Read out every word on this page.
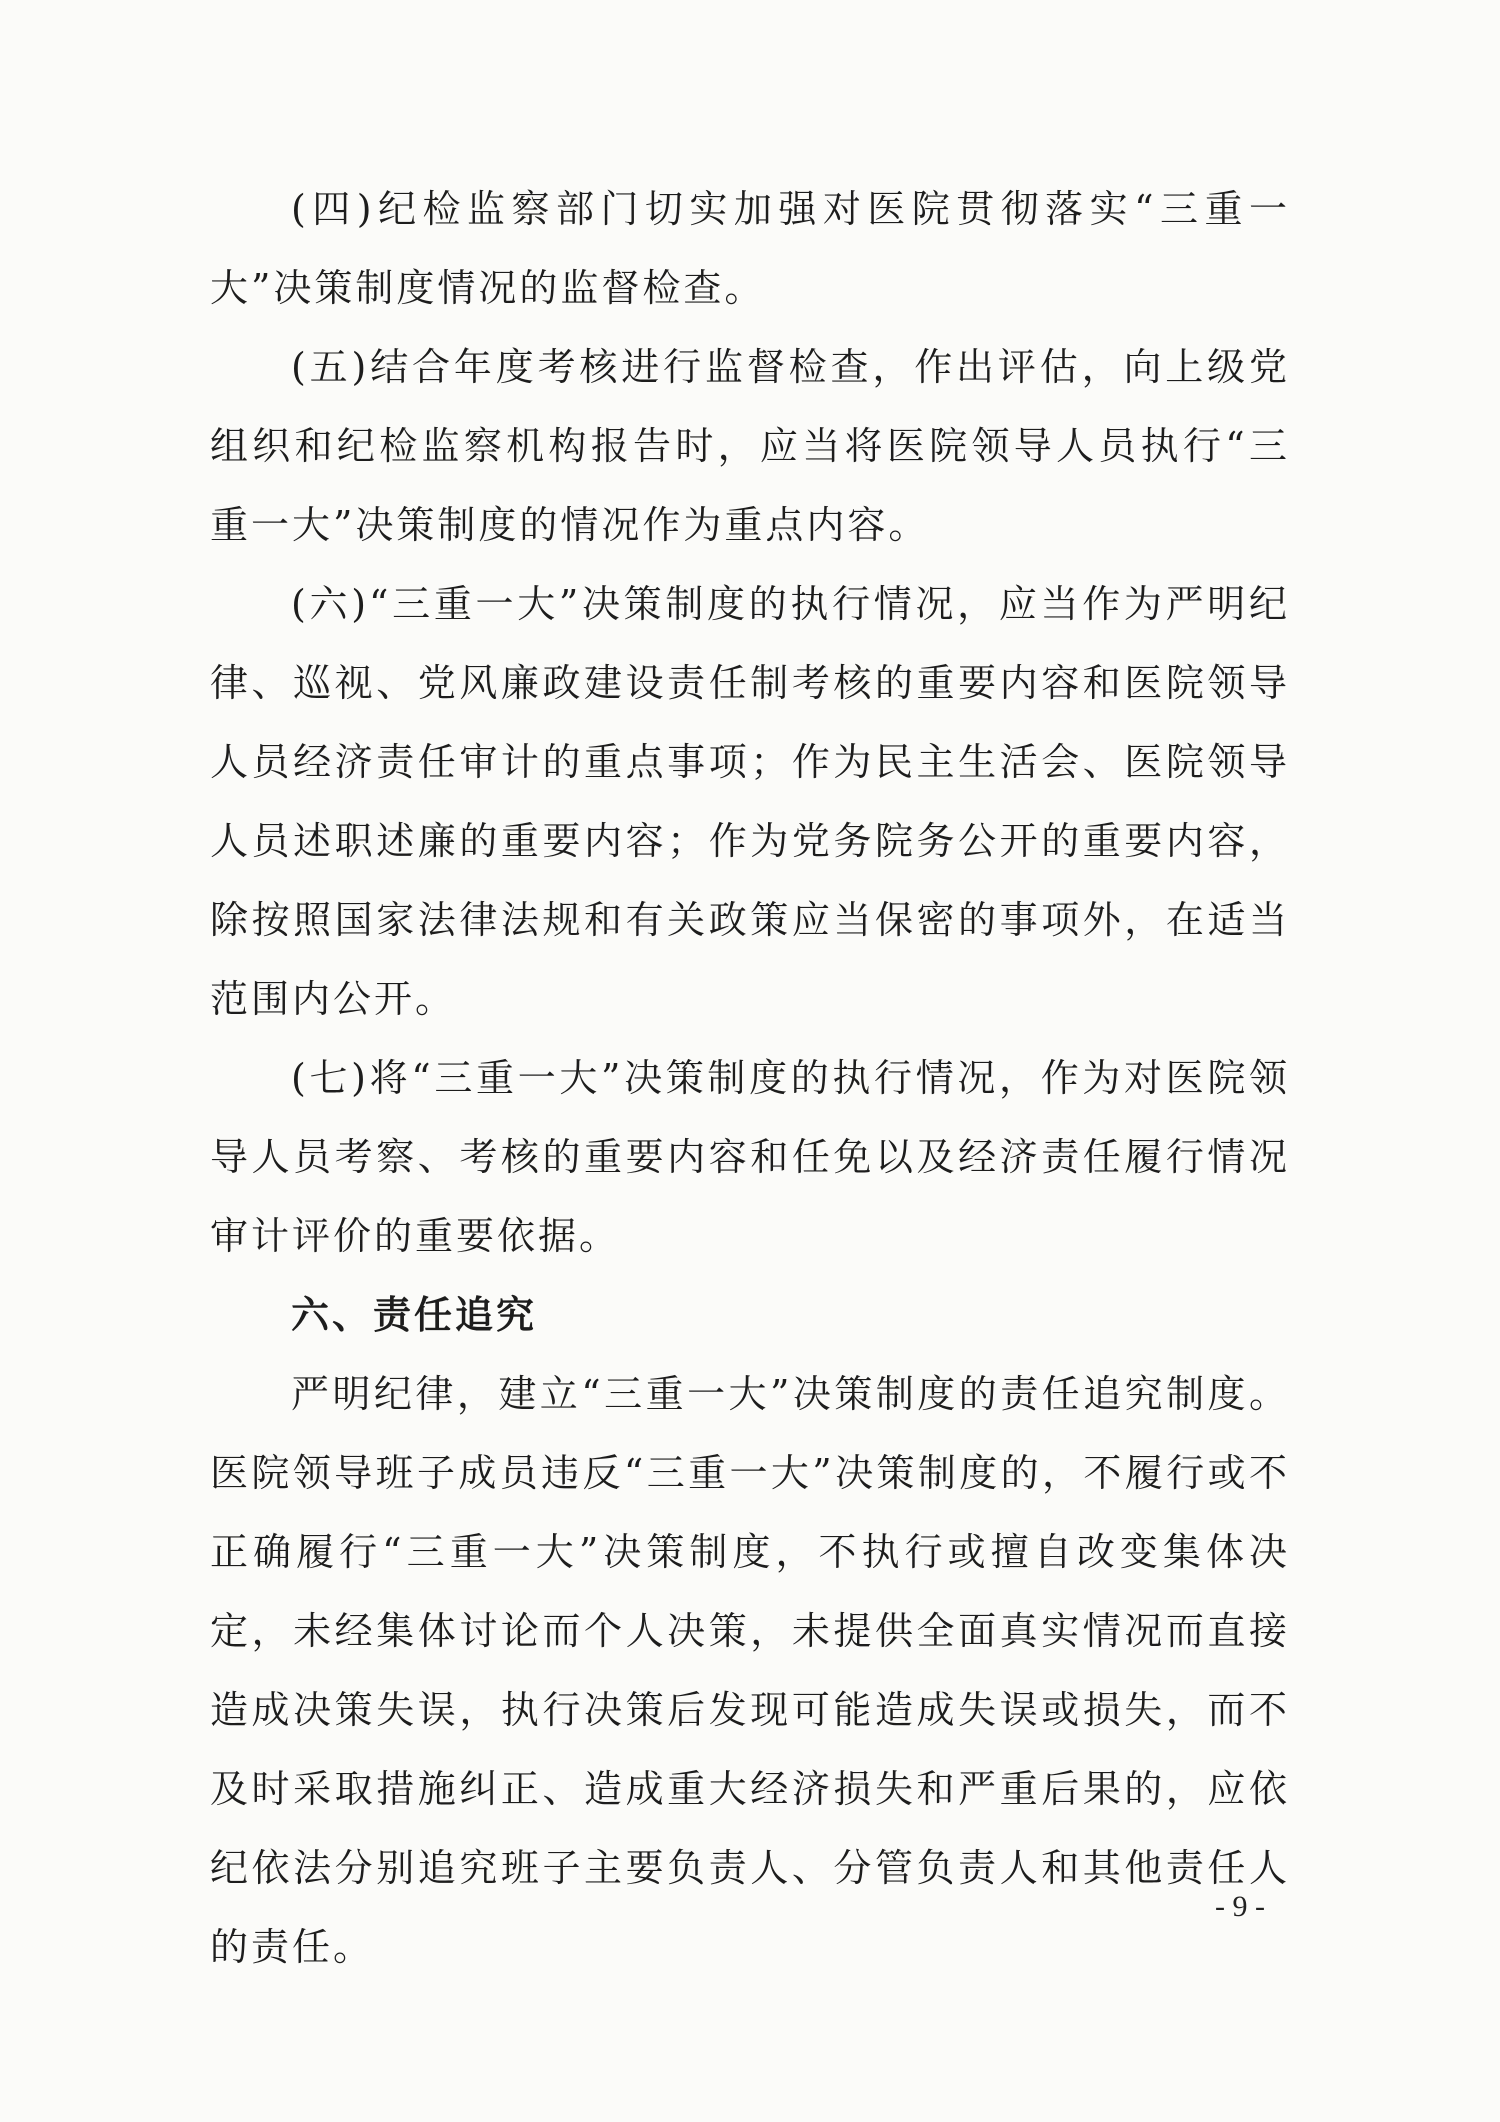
(四)纪检监察部门切实加强对医院贯彻落实“三重一大”决策制度情况的监督检查。

(五)结合年度考核进行监督检查，作出评估，向上级党组织和纪检监察机构报告时，应当将医院领导人员执行“三重一大”决策制度的情况作为重点内容。

(六)“三重一大”决策制度的执行情况，应当作为严明纪律、巡视、党风廉政建设责任制考核的重要内容和医院领导人员经济责任审计的重点事项；作为民主生活会、医院领导人员述职述廉的重要内容；作为党务院务公开的重要内容，除按照国家法律法规和有关政策应当保密的事项外，在适当范围内公开。

(七)将“三重一大”决策制度的执行情况，作为对医院领导人员考察、考核的重要内容和任免以及经济责任履行情况审计评价的重要依据。

六、责任追究

严明纪律，建立“三重一大”决策制度的责任追究制度。医院领导班子成员违反“三重一大”决策制度的，不履行或不正确履行“三重一大”决策制度，不执行或擅自改变集体决定，未经集体讨论而个人决策，未提供全面真实情况而直接造成决策失误，执行决策后发现可能造成失误或损失，而不及时采取措施纠正、造成重大经济损失和严重后果的，应依纪依法分别追究班子主要负责人、分管负责人和其他责任人的责任。

- 9 -
